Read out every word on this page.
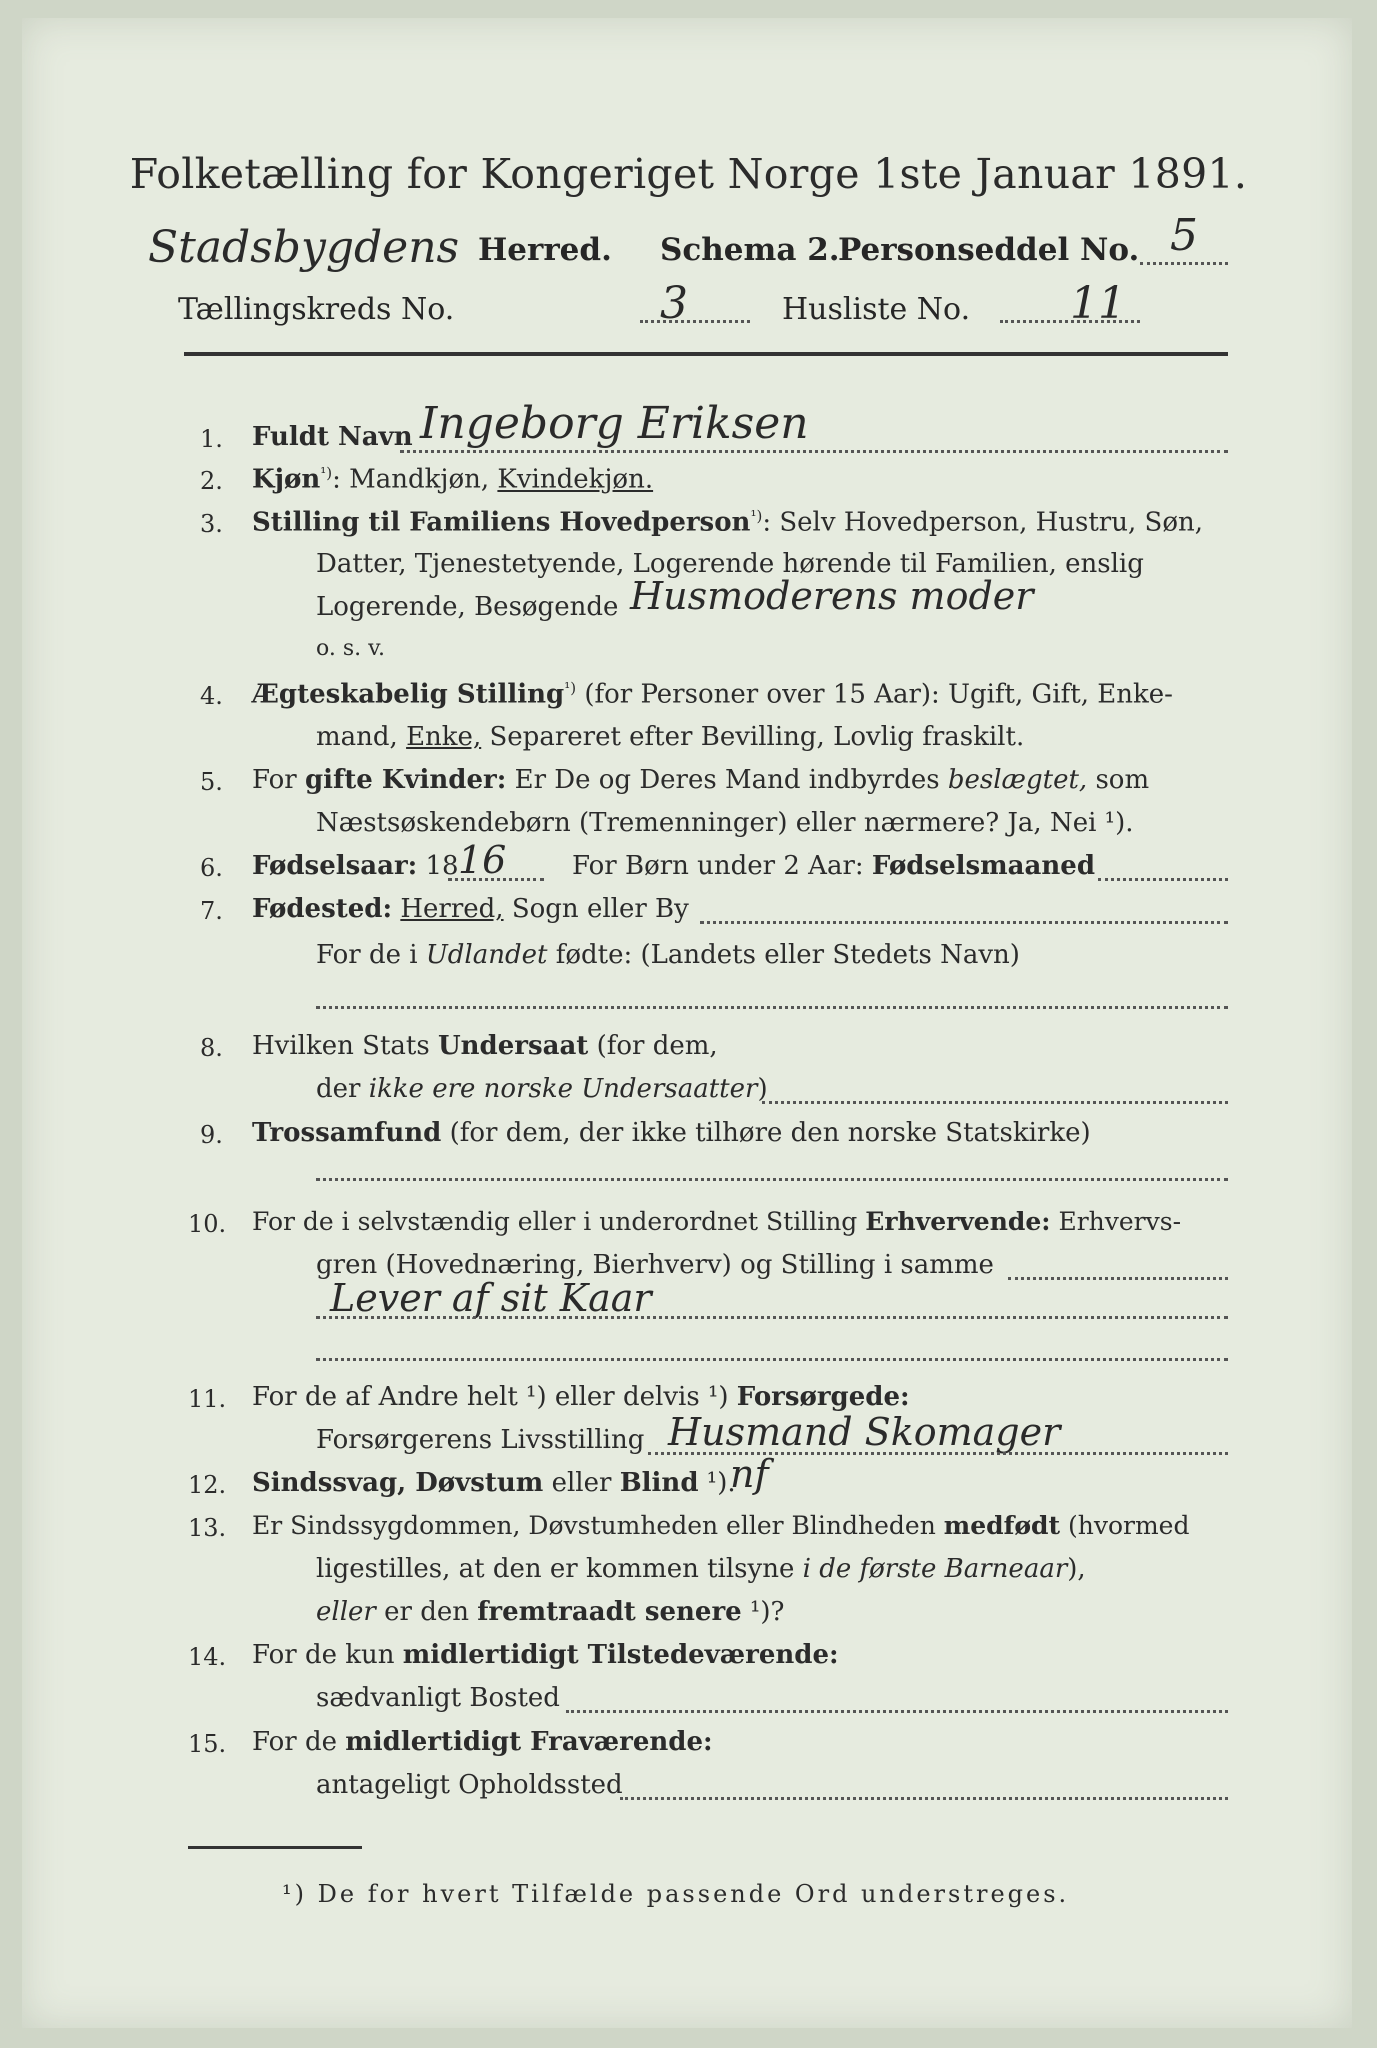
Folketælling for Kongeriget Norge 1ste Januar 1891.
Stadsbygdens Herred. Schema 2.
Personseddel No. 5
Tællingskreds No.	3	Husliste No. 11
1. Fuldt Navn Ingeborg Eriksen
2. Kjøn$^{^1)}$: Mandkjøn, Kvindekjøn.
3. Stilling til Familiens Hovedperson$^{^1)}$: Selv Hovedperson, Hustru, Søn,
Datter, Tjenestetyende, Logerende hørende til Familien, enslig
Logerende, Besøgende Husmoderens moder
o. s. v.
4. Ægteskabelig Stilling$^{^1)}$ (for Personer over 15 Aar): Ugift, Gift, Enke-
mand, Enke, Separeret efter Bevilling, Lovlig fraskilt.
5. For gifte Kvinder: Er De og Deres Mand indbyrdes beslægtet, som
Næstsøskendebørn (Tremenninger) eller nærmere? Ja, Nei ¹).
6. Fødselsaar: 18 16	For Børn under 2 Aar: Fødselsmaaned
7. Fødested: Herred, Sogn eller By
For de i Udlandet fødte: (Landets eller Stedets Navn)
8. Hvilken Stats Undersaat (for dem,
der ikke ere norske Undersaatter)
9. Trossamfund (for dem, der ikke tilhøre den norske Statskirke)
10. For de i selvstændig eller i underordnet Stilling Erhvervende: Erhvervs-
gren (Hovednæring, Bierhverv) og Stilling i samme
Lever af sit Kaar
11. For de af Andre helt ¹) eller delvis ¹) Forsørgede:
Forsørgerens Livsstilling Husmand Skomager
12. Sindssvag, Døvstum eller Blind ¹).
nf
13. Er Sindssygdommen, Døvstumheden eller Blindheden medfødt (hvormed
ligestilles, at den er kommen tilsyne i de første Barneaar),
eller er den fremtraadt senere ¹)?
14. For de kun midlertidigt Tilstedeværende:
sædvanligt Bosted
15. For de midlertidigt Fraværende:
antageligt Opholdssted
¹) De for hvert Tilfælde passende Ord understreges.
